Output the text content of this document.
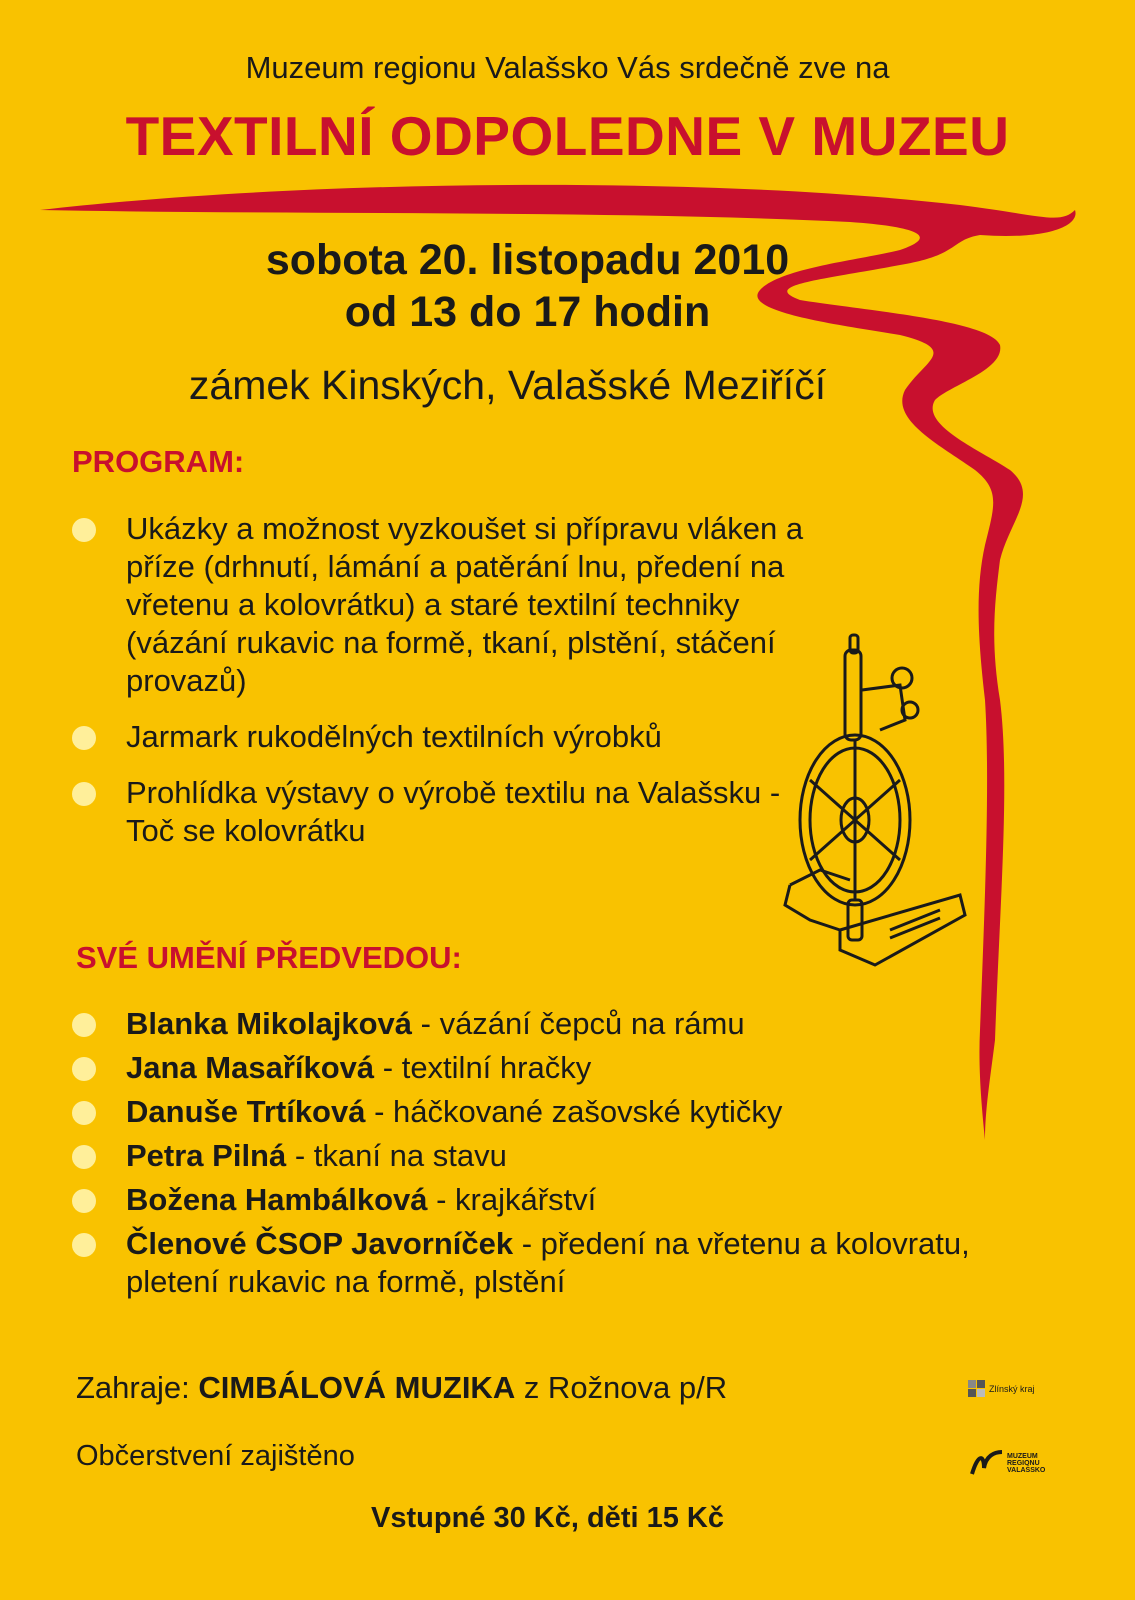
Muzeum regionu Valašsko Vás srdečně zve na
TEXTILNÍ ODPOLEDNE V MUZEU
sobota 20. listopadu 2010
od 13 do 17 hodin
zámek Kinských, Valašské Meziříčí
PROGRAM:
Ukázky a možnost vyzkoušet si přípravu vláken a příze (drhnutí, lámání a patěrání lnu, předení na vřetenu a kolovrátku) a staré textilní techniky (vázání rukavic na formě, tkaní, plstění, stáčení provazů)
Jarmark rukodělných textilních výrobků
Prohlídka výstavy o výrobě textilu na Valašsku - Toč se kolovrátku
SVÉ UMĚNÍ PŘEDVEDOU:
Blanka Mikolajková - vázání čepců na rámu
Jana Masaříková - textilní hračky
Danuše Trtíková - háčkované zašovské kytičky
Petra Pilná - tkaní na stavu
Božena Hambálková - krajkářství
Členové ČSOP Javorníček - předení na vřetenu a kolovratu, pletení rukavic na formě, plstění
Zahraje: CIMBÁLOVÁ MUZIKA z Rožnova p/R
Občerstvení zajištěno
Vstupné 30 Kč, děti 15 Kč
Zlínský kraj
MUZEUM
REGIONU
VALAŠSKO
